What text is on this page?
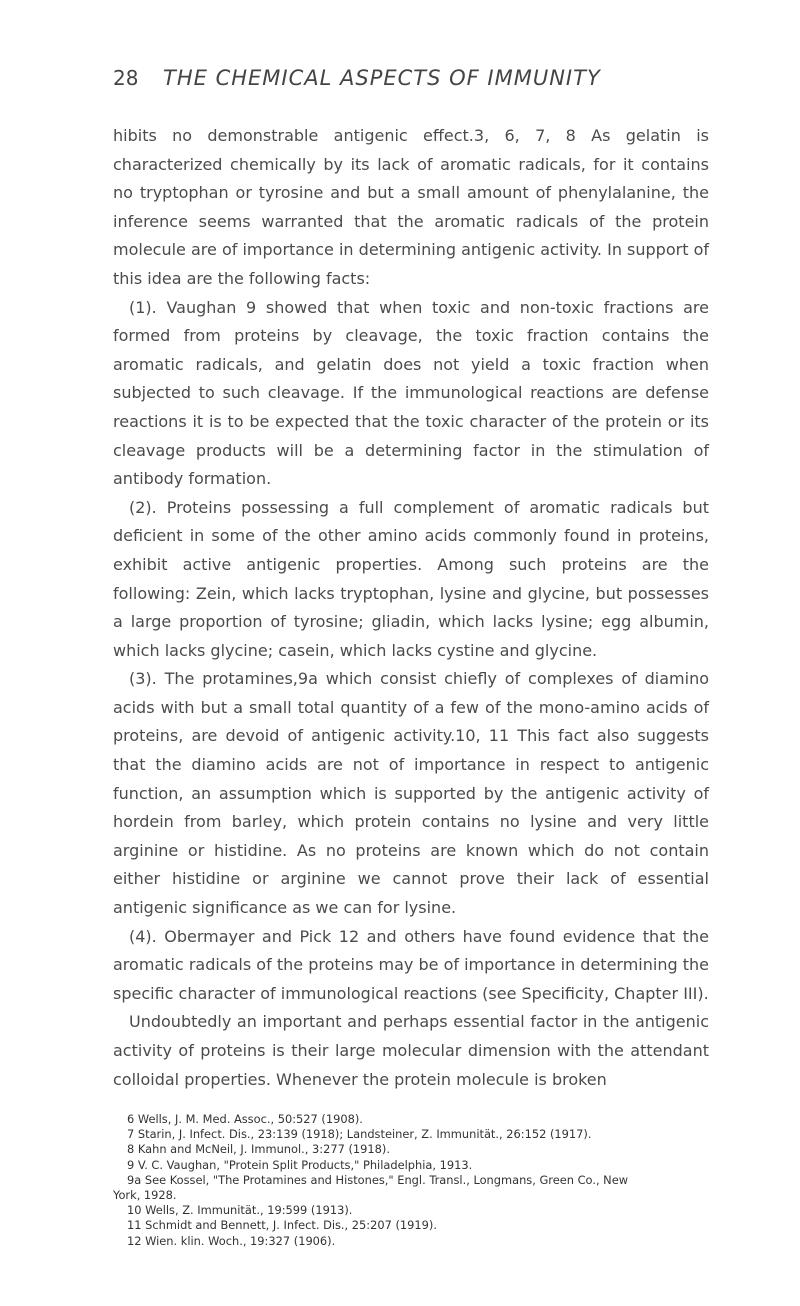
28 THE CHEMICAL ASPECTS OF IMMUNITY

hibits no demonstrable antigenic effect.3, 6, 7, 8 As gelatin is characterized chemically by its lack of aromatic radicals, for it contains no tryptophan or tyrosine and but a small amount of phenylalanine, the inference seems warranted that the aromatic radicals of the protein molecule are of importance in determining antigenic activity. In support of this idea are the following facts:

(1). Vaughan 9 showed that when toxic and non-toxic fractions are formed from proteins by cleavage, the toxic fraction contains the aromatic radicals, and gelatin does not yield a toxic fraction when subjected to such cleavage. If the immunological reactions are defense reactions it is to be expected that the toxic character of the protein or its cleavage products will be a determining factor in the stimulation of antibody formation.

(2). Proteins possessing a full complement of aromatic radicals but deficient in some of the other amino acids commonly found in proteins, exhibit active antigenic properties. Among such proteins are the following: Zein, which lacks tryptophan, lysine and glycine, but possesses a large proportion of tyrosine; gliadin, which lacks lysine; egg albumin, which lacks glycine; casein, which lacks cystine and glycine.

(3). The protamines,9a which consist chiefly of complexes of diamino acids with but a small total quantity of a few of the mono-amino acids of proteins, are devoid of antigenic activity.10, 11 This fact also suggests that the diamino acids are not of importance in respect to antigenic function, an assumption which is supported by the antigenic activity of hordein from barley, which protein contains no lysine and very little arginine or histidine. As no proteins are known which do not contain either histidine or arginine we cannot prove their lack of essential antigenic significance as we can for lysine.

(4). Obermayer and Pick 12 and others have found evidence that the aromatic radicals of the proteins may be of importance in determining the specific character of immunological reactions (see Specificity, Chapter III).

Undoubtedly an important and perhaps essential factor in the antigenic activity of proteins is their large molecular dimension with the attendant colloidal properties. Whenever the protein molecule is broken

6 Wells, J. M. Med. Assoc., 50:527 (1908).

7 Starin, J. Infect. Dis., 23:139 (1918); Landsteiner, Z. Immunität., 26:152 (1917).

8 Kahn and McNeil, J. Immunol., 3:277 (1918).

9 V. C. Vaughan, "Protein Split Products," Philadelphia, 1913.

9a See Kossel, "The Protamines and Histones," Engl. Transl., Longmans, Green Co., New

York, 1928.

10 Wells, Z. Immunität., 19:599 (1913).

11 Schmidt and Bennett, J. Infect. Dis., 25:207 (1919).

12 Wien. klin. Woch., 19:327 (1906).
